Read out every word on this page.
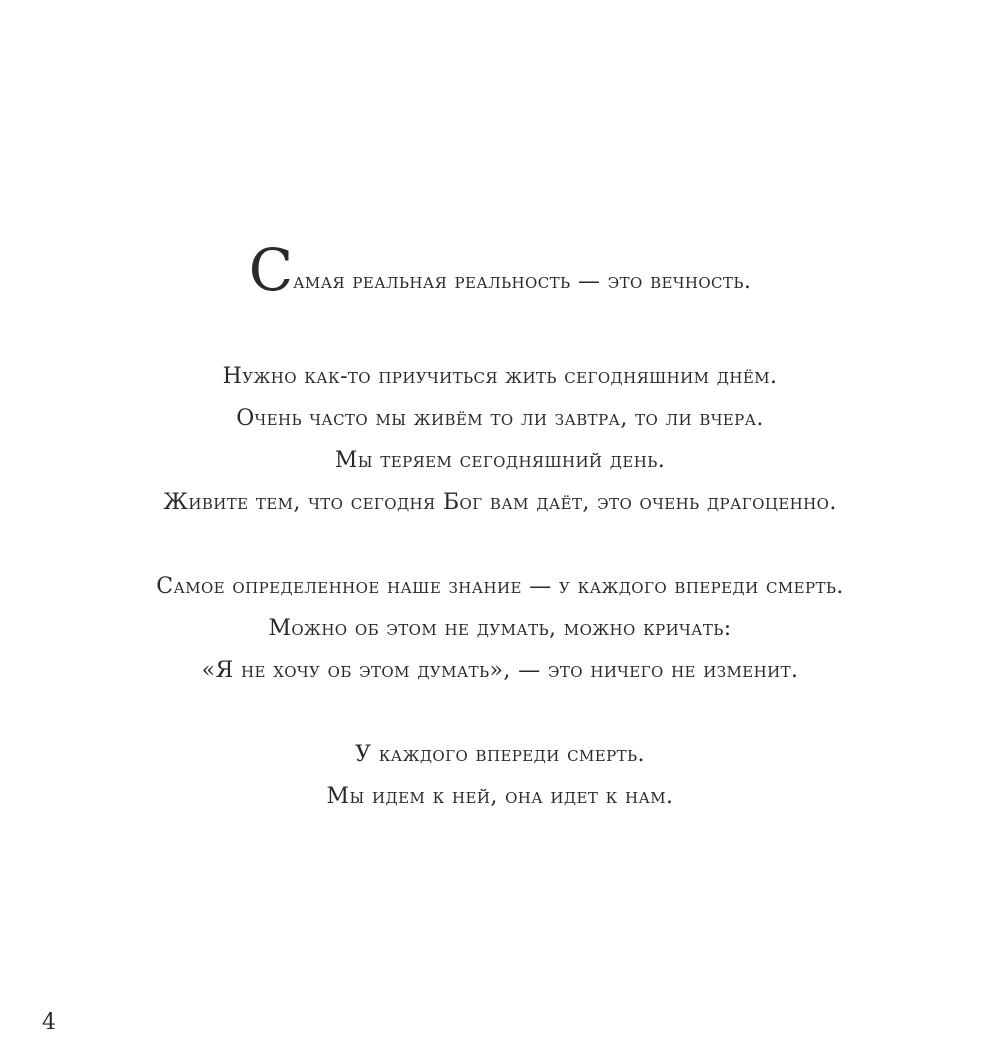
Самая реальная реальность — это вечность.
Нужно как-то приучиться жить сегодняшним днём.
Очень часто мы живём то ли завтра, то ли вчера.
Мы теряем сегодняшний день.
Живите тем, что сегодня Бог вам даёт, это очень драгоценно.
Самое определенное наше знание — у каждого впереди смерть.
Можно об этом не думать, можно кричать:
«Я не хочу об этом думать», — это ничего не изменит.
У каждого впереди смерть.
Мы идем к ней, она идет к нам.
4
